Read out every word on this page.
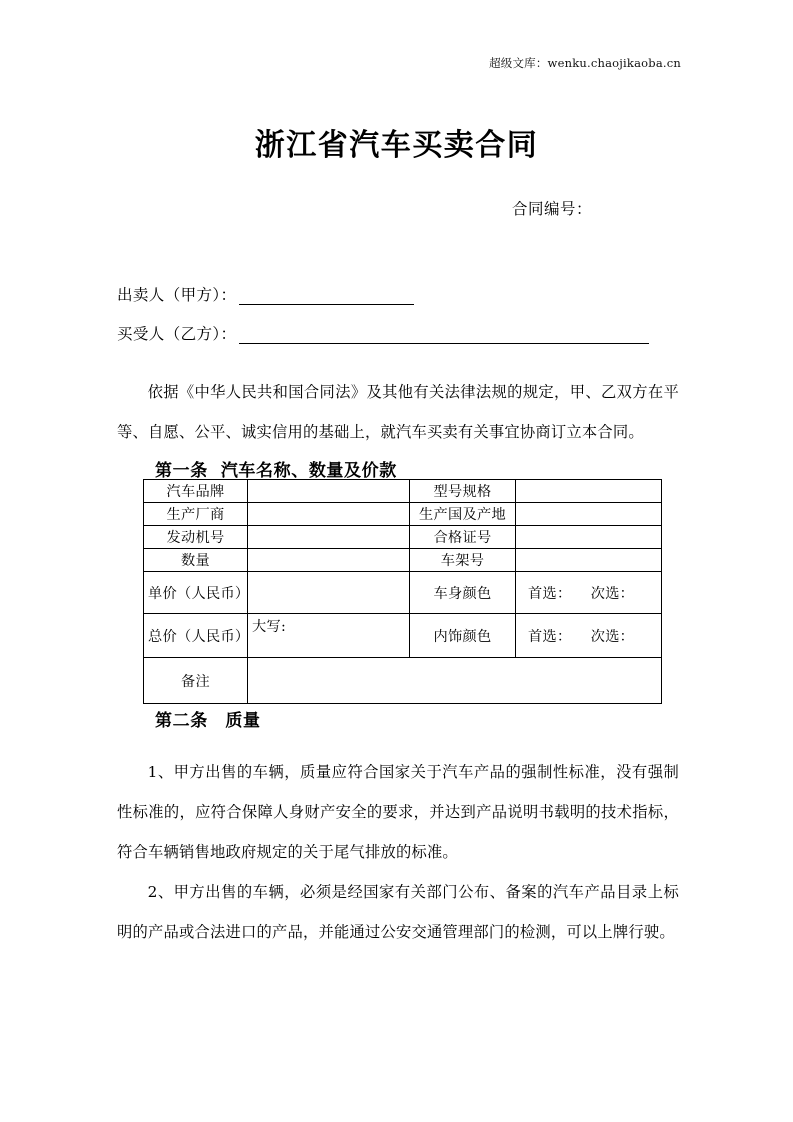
超级文库：wenku.chaojikaoba.cn
浙江省汽车买卖合同
合同编号：
出卖人（甲方）：
买受人（乙方）：

依据《中华人民共和国合同法》及其他有关法律法规的规定，甲、乙双方在平等、自愿、公平、诚实信用的基础上，就汽车买卖有关事宜协商订立本合同。

第一条  汽车名称、数量及价款
汽车品牌		型号规格	
生产厂商		生产国及产地	
发动机号		合格证号	
数量		车架号	
单价（人民币）		车身颜色	首选：    次选：
总价（人民币）	大写:	内饰颜色	首选：    次选：
备注			
第二条　质量

1、甲方出售的车辆，质量应符合国家关于汽车产品的强制性标准，没有强制性标准的，应符合保障人身财产安全的要求，并达到产品说明书载明的技术指标，符合车辆销售地政府规定的关于尾气排放的标准。

2、甲方出售的车辆，必须是经国家有关部门公布、备案的汽车产品目录上标明的产品或合法进口的产品，并能通过公安交通管理部门的检测，可以上牌行驶。
